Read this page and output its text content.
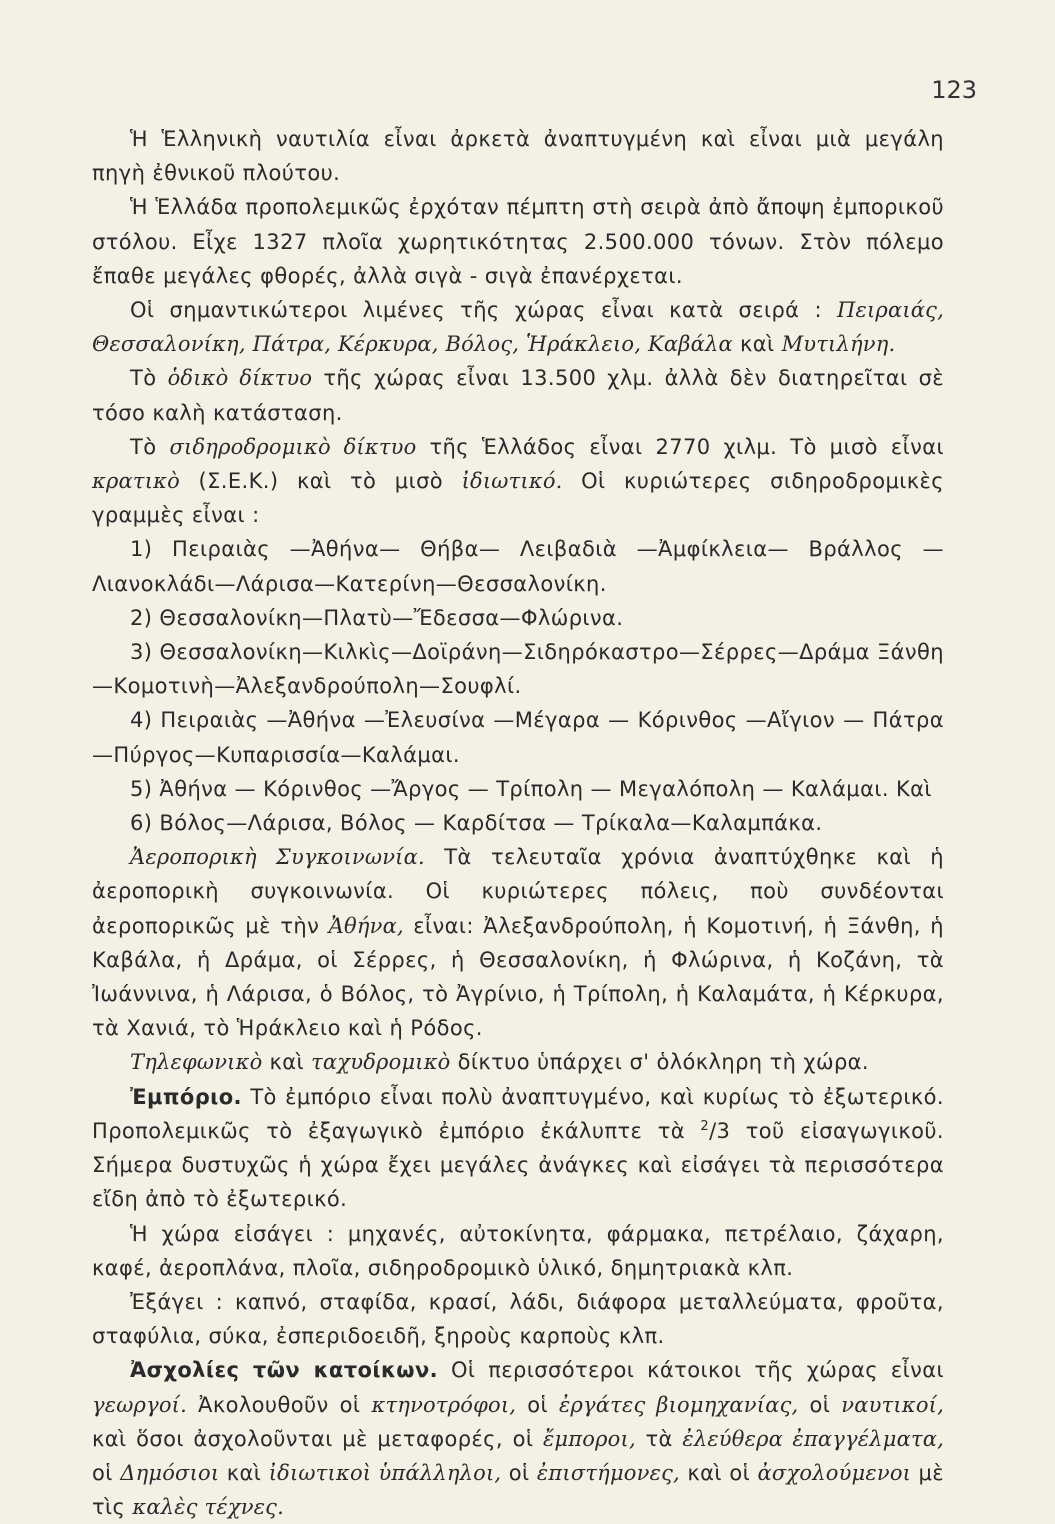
123

Ἡ Ἑλληνικὴ ναυτιλία εἶναι ἀρκετὰ ἀναπτυγμένη καὶ εἶναι μιὰ μεγάλη πηγὴ ἐθνικοῦ πλούτου.

Ἡ Ἑλλάδα προπολεμικῶς ἐρχόταν πέμπτη στὴ σειρὰ ἀπὸ ἄποψη ἐμπορικοῦ στόλου. Εἶχε 1327 πλοῖα χωρητικότητας 2.500.000 τόνων. Στὸν πόλεμο ἔπαθε μεγάλες φθορές, ἀλλὰ σιγὰ - σιγὰ ἐπανέρχεται.

Οἱ σημαντικώτεροι λιμένες τῆς χώρας εἶναι κατὰ σειρά : Πειραιάς, Θεσσαλονίκη, Πάτρα, Κέρκυρα, Βόλος, Ἡράκλειο, Καβάλα καὶ Μυτιλήνη.

Τὸ ὁδικὸ δίκτυο τῆς χώρας εἶναι 13.500 χλμ. ἀλλὰ δὲν διατηρεῖται σὲ τόσο καλὴ κατάσταση.

Τὸ σιδηροδρομικὸ δίκτυο τῆς Ἑλλάδος εἶναι 2770 χιλμ. Τὸ μισὸ εἶναι κρατικὸ (Σ.Ε.Κ.) καὶ τὸ μισὸ ἰδιωτικό. Οἱ κυριώτερες σιδηροδρομικὲς γραμμὲς εἶναι :

1) Πειραιὰς —Ἀθήνα— Θήβα— Λειβαδιὰ —Ἀμφίκλεια— Βράλλος — Λιανοκλάδι—Λάρισα—Κατερίνη—Θεσσαλονίκη.

2) Θεσσαλονίκη—Πλατὺ—Ἔδεσσα—Φλώρινα.

3) Θεσσαλονίκη—Κιλκὶς—Δοϊράνη—Σιδηρόκαστρο—Σέρρες—Δράμα Ξάνθη—Κομοτινὴ—Ἀλεξανδρούπολη—Σουφλί.

4) Πειραιὰς —Ἀθήνα —Ἐλευσίνα —Μέγαρα — Κόρινθος —Αἴγιον — Πάτρα —Πύργος—Κυπαρισσία—Καλάμαι.

5) Ἀθήνα — Κόρινθος —Ἄργος — Τρίπολη — Μεγαλόπολη — Καλάμαι. Καὶ

6) Βόλος—Λάρισα, Βόλος — Καρδίτσα — Τρίκαλα—Καλαμπάκα.

Ἀεροπορικὴ Συγκοινωνία. Τὰ τελευταῖα χρόνια ἀναπτύχθηκε καὶ ἡ ἀεροπορικὴ συγκοινωνία. Οἱ κυριώτερες πόλεις, ποὺ συνδέονται ἀεροπορικῶς μὲ τὴν Ἀθήνα, εἶναι: Ἀλεξανδρούπολη, ἡ Κομοτινή, ἡ Ξάνθη, ἡ Καβάλα, ἡ Δράμα, οἱ Σέρρες, ἡ Θεσσαλονίκη, ἡ Φλώρινα, ἡ Κοζάνη, τὰ Ἰωάννινα, ἡ Λάρισα, ὁ Βόλος, τὸ Ἀγρίνιο, ἡ Τρίπολη, ἡ Καλαμάτα, ἡ Κέρκυρα, τὰ Χανιά, τὸ Ἡράκλειο καὶ ἡ Ρόδος.

Τηλεφωνικὸ καὶ ταχυδρομικὸ δίκτυο ὑπάρχει σ' ὁλόκληρη τὴ χώρα.

Ἐμπόριο. Τὸ ἐμπόριο εἶναι πολὺ ἀναπτυγμένο, καὶ κυρίως τὸ ἐξωτερικό. Προπολεμικῶς τὸ ἐξαγωγικὸ ἐμπόριο ἐκάλυπτε τὰ $^2$/3 τοῦ εἰσαγωγικοῦ. Σήμερα δυστυχῶς ἡ χώρα ἔχει μεγάλες ἀνάγκες καὶ εἰσάγει τὰ περισσότερα εἴδη ἀπὸ τὸ ἐξωτερικό.

Ἡ χώρα εἰσάγει : μηχανές, αὐτοκίνητα, φάρμακα, πετρέλαιο, ζάχαρη, καφέ, ἀεροπλάνα, πλοῖα, σιδηροδρομικὸ ὑλικό, δημητριακὰ κλπ.

Ἐξάγει : καπνό, σταφίδα, κρασί, λάδι, διάφορα μεταλλεύματα, φροῦτα, σταφύλια, σύκα, ἐσπεριδοειδῆ, ξηροὺς καρποὺς κλπ.

Ἀσχολίες τῶν κατοίκων. Οἱ περισσότεροι κάτοικοι τῆς χώρας εἶναι γεωργοί. Ἀκολουθοῦν οἱ κτηνοτρόφοι, οἱ ἐργάτες βιομηχανίας, οἱ ναυτικοί, καὶ ὅσοι ἀσχολοῦνται μὲ μεταφορές, οἱ ἔμποροι, τὰ ἐλεύθερα ἐπαγγέλματα, οἱ Δημόσιοι καὶ ἰδιωτικοὶ ὑπάλληλοι, οἱ ἐπιστήμονες, καὶ οἱ ἀσχολούμενοι μὲ τὶς καλὲς τέχνες.
